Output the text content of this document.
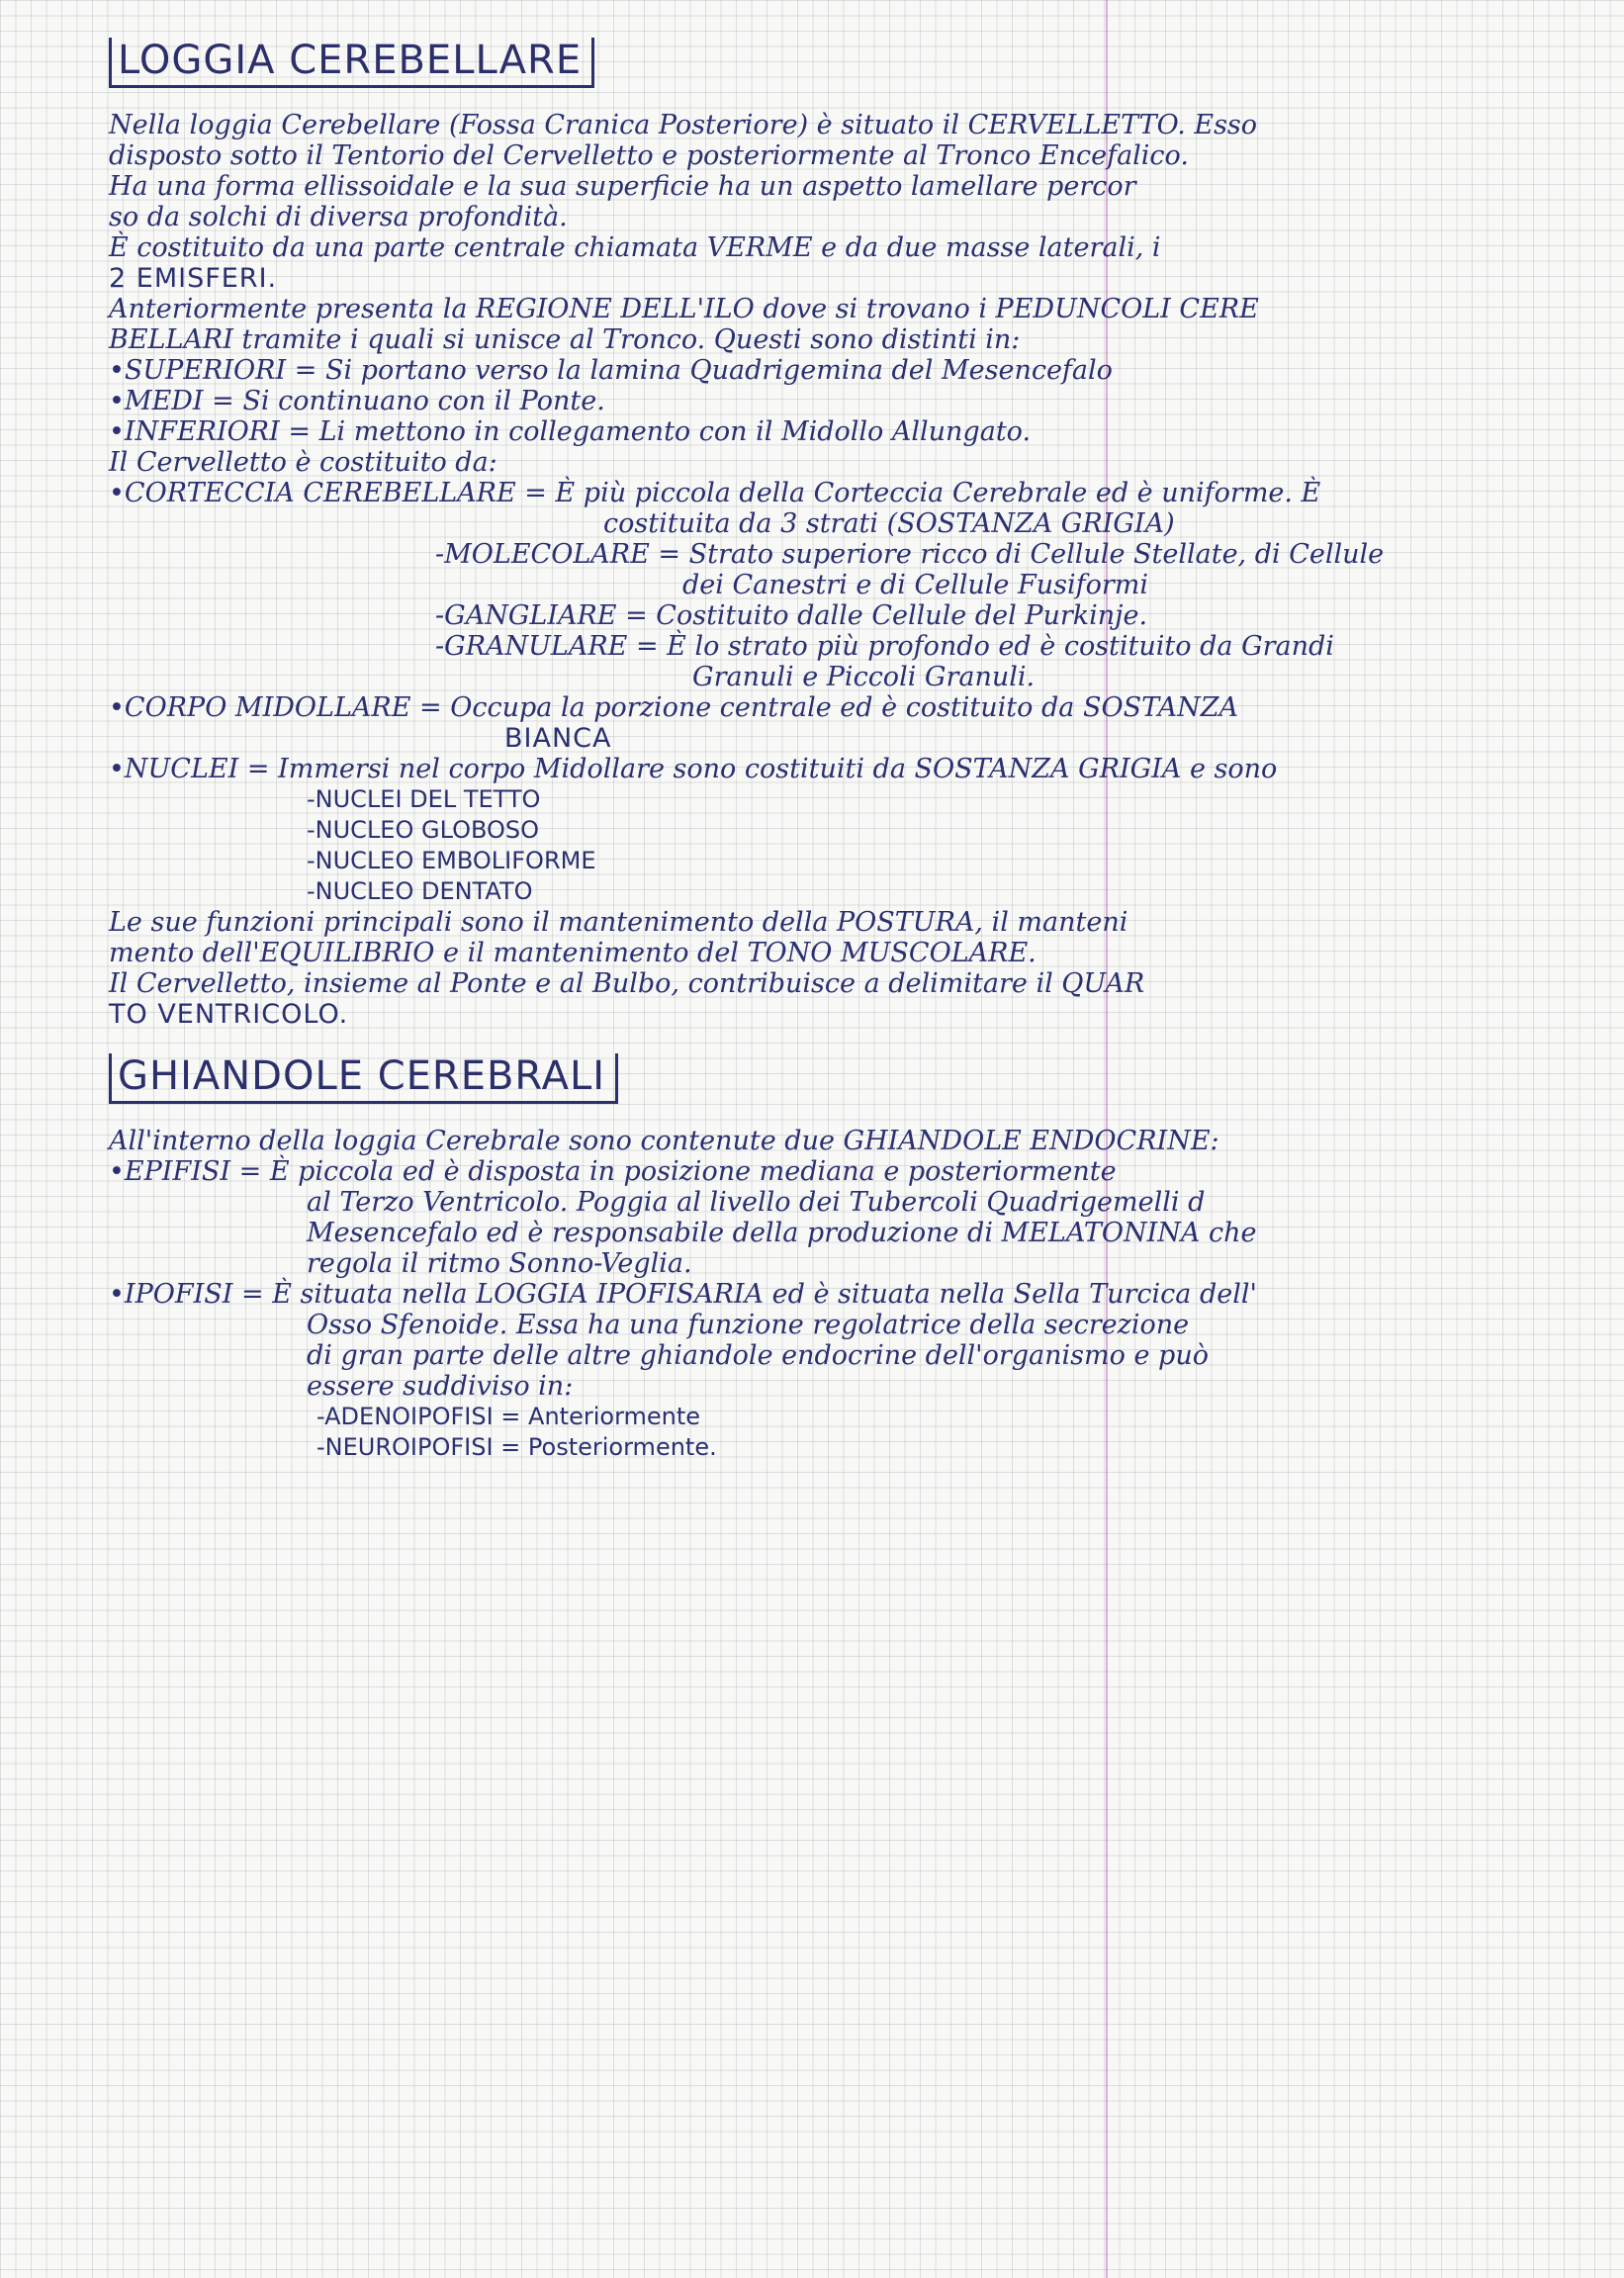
LOGGIA CEREBELLARE
Nella loggia Cerebellare (Fossa Cranica Posteriore) è situato il CERVELLETTO. Esso
disposto sotto il Tentorio del Cervelletto e posteriormente al Tronco Encefalico.
Ha una forma ellissoidale e la sua superficie ha un aspetto lamellare percor
so da solchi di diversa profondità.
È costituito da una parte centrale chiamata VERME e da due masse laterali, i
2 EMISFERI.
Anteriormente presenta la REGIONE DELL'ILO dove si trovano i PEDUNCOLI CERE
BELLARI tramite i quali si unisce al Tronco. Questi sono distinti in:
•SUPERIORI = Si portano verso la lamina Quadrigemina del Mesencefalo
•MEDI = Si continuano con il Ponte.
•INFERIORI = Li mettono in collegamento con il Midollo Allungato.
Il Cervelletto è costituito da:
•CORTECCIA CEREBELLARE = È più piccola della Corteccia Cerebrale ed è uniforme. È
costituita da 3 strati (SOSTANZA GRIGIA)
-MOLECOLARE = Strato superiore ricco di Cellule Stellate, di Cellule
dei Canestri e di Cellule Fusiformi
-GANGLIARE = Costituito dalle Cellule del Purkinje.
-GRANULARE = È lo strato più profondo ed è costituito da Grandi
Granuli e Piccoli Granuli.
•CORPO MIDOLLARE = Occupa la porzione centrale ed è costituito da SOSTANZA
BIANCA
•NUCLEI = Immersi nel corpo Midollare sono costituiti da SOSTANZA GRIGIA e sono
-NUCLEI DEL TETTO
-NUCLEO GLOBOSO
-NUCLEO EMBOLIFORME
-NUCLEO DENTATO
Le sue funzioni principali sono il mantenimento della POSTURA, il manteni
mento dell'EQUILIBRIO e il mantenimento del TONO MUSCOLARE.
Il Cervelletto, insieme al Ponte e al Bulbo, contribuisce a delimitare il QUAR
TO VENTRICOLO.
GHIANDOLE CEREBRALI
All'interno della loggia Cerebrale sono contenute due GHIANDOLE ENDOCRINE:
•EPIFISI = È piccola ed è disposta in posizione mediana e posteriormente
al Terzo Ventricolo. Poggia al livello dei Tubercoli Quadrigemelli d
Mesencefalo ed è responsabile della produzione di MELATONINA che
regola il ritmo Sonno-Veglia.
•IPOFISI = È situata nella LOGGIA IPOFISARIA ed è situata nella Sella Turcica dell'
Osso Sfenoide. Essa ha una funzione regolatrice della secrezione
di gran parte delle altre ghiandole endocrine dell'organismo e può
essere suddiviso in:
-ADENOIPOFISI = Anteriormente
-NEUROIPOFISI = Posteriormente.
